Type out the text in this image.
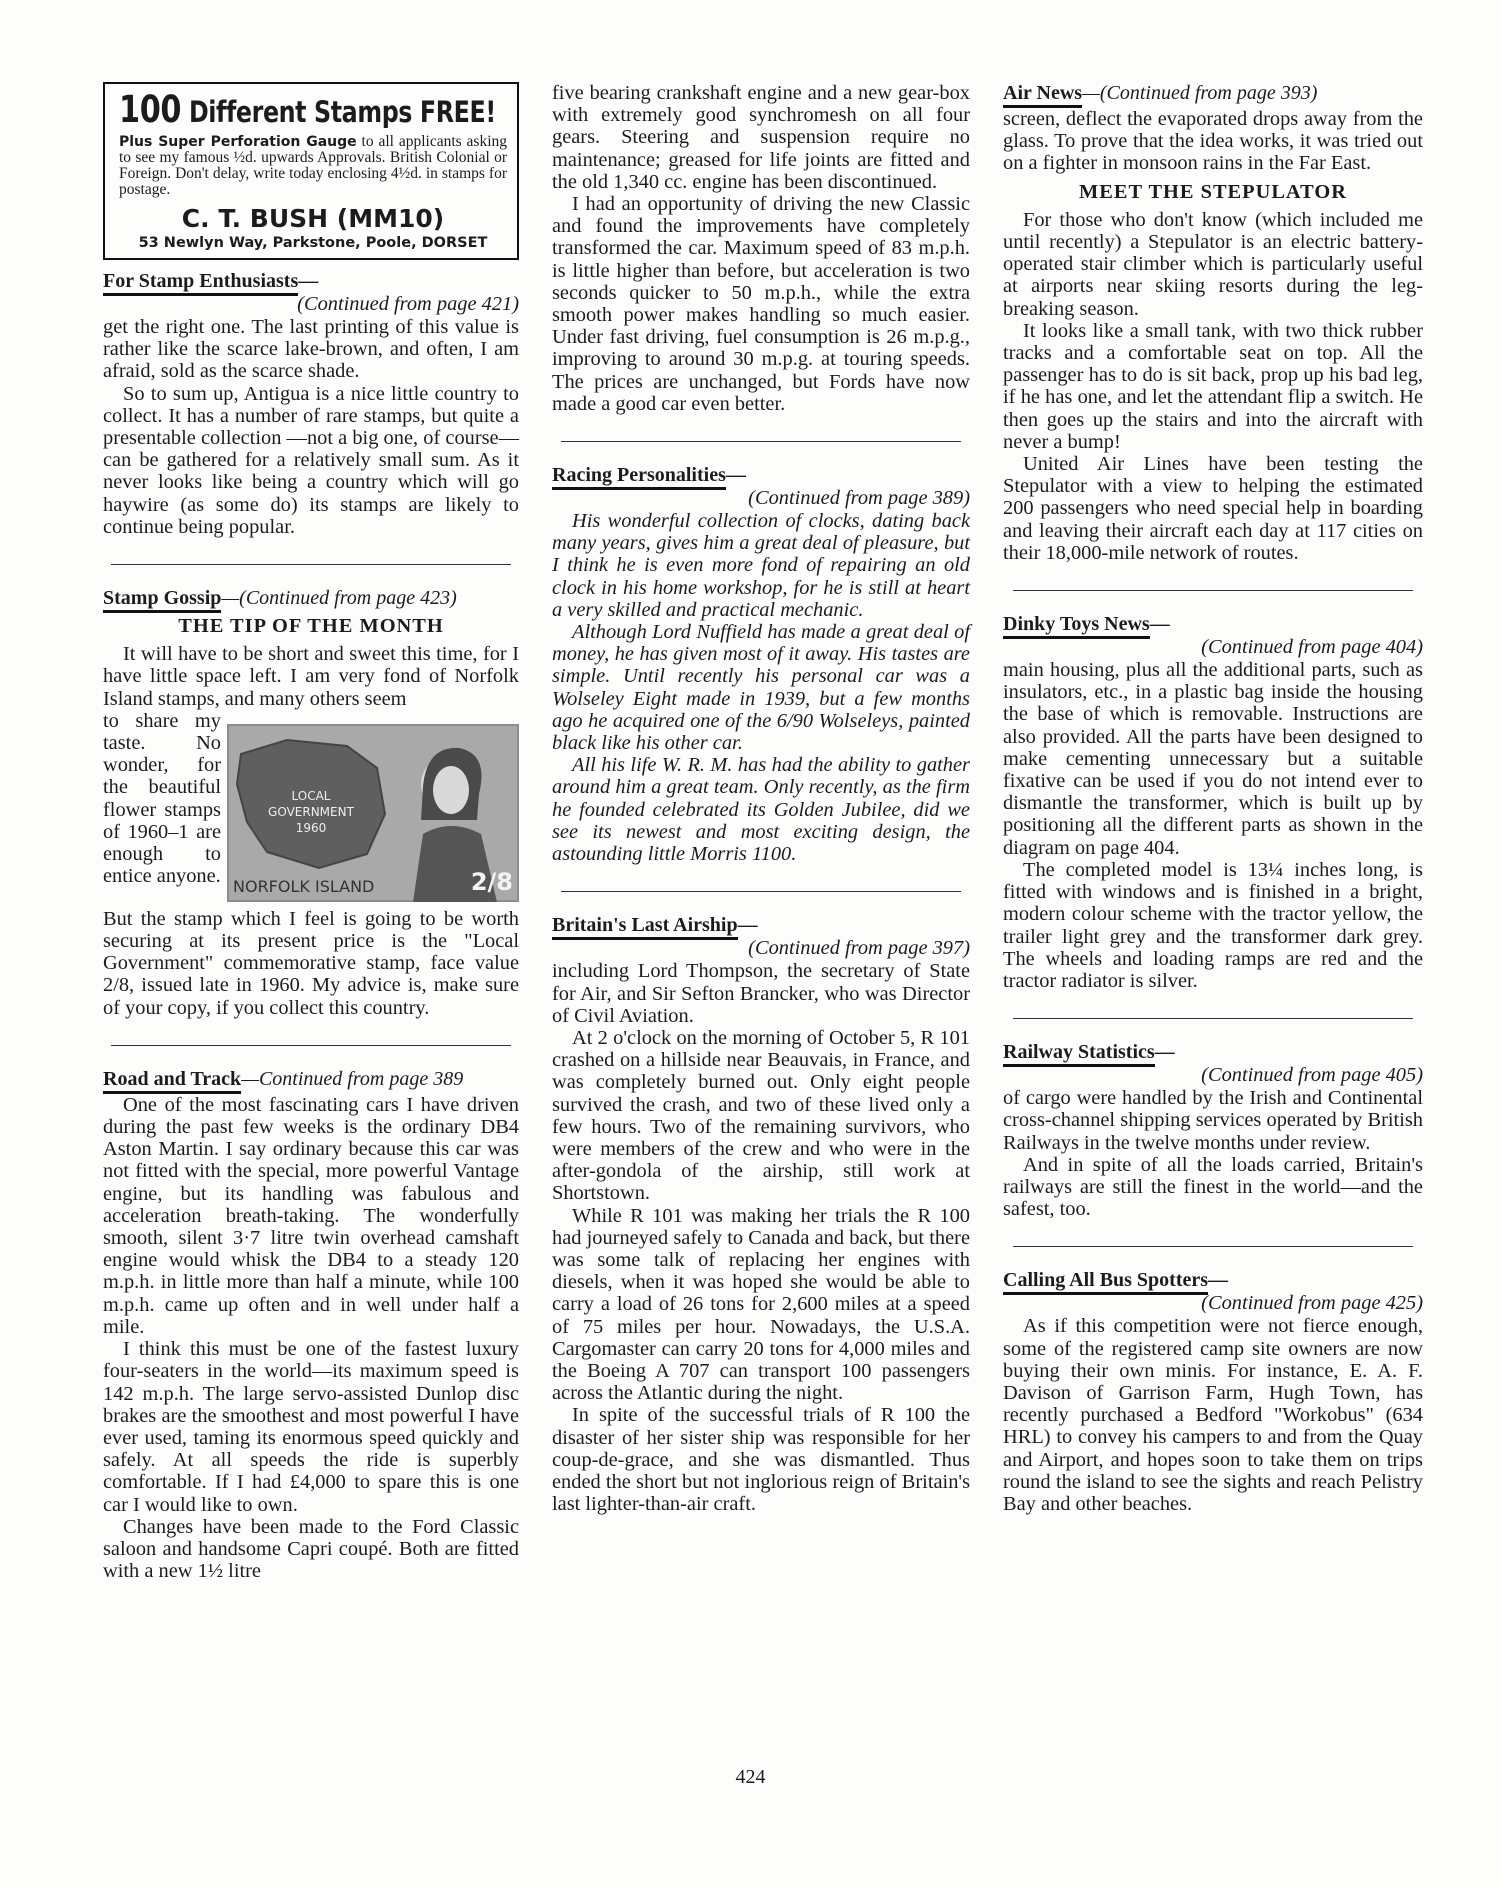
100 Different Stamps FREE!
Plus Super Perforation Gauge to all applicants asking to see my famous ½d. upwards Approvals. British Colonial or Foreign. Don't delay, write today enclosing 4½d. in stamps for postage.
C. T. BUSH (MM10)
53 Newlyn Way, Parkstone, Poole, DORSET
For Stamp Enthusiasts—
(Continued from page 421)

get the right one. The last printing of this value is rather like the scarce lake-brown, and often, I am afraid, sold as the scarce shade.

So to sum up, Antigua is a nice little country to collect. It has a number of rare stamps, but quite a presentable collection —not a big one, of course—can be gathered for a relatively small sum. As it never looks like being a country which will go haywire (as some do) its stamps are likely to continue being popular.

Stamp Gossip—(Continued from page 423)
THE TIP OF THE MONTH

It will have to be short and sweet this time, for I have little space left. I am very fond of Norfolk Island stamps, and many others seem

LOCAL
GOVERNMENT
1960
NORFOLK ISLAND	2/8

to share my taste. No wonder, for the beautiful flower stamps of 1960–1 are enough to entice anyone.

But the stamp which I feel is going to be worth securing at its present price is the "Local Government" commemorative stamp, face value 2/8, issued late in 1960. My advice is, make sure of your copy, if you collect this country.

Road and Track—Continued from page 389

One of the most fascinating cars I have driven during the past few weeks is the ordinary DB4 Aston Martin. I say ordinary because this car was not fitted with the special, more powerful Vantage engine, but its handling was fabulous and acceleration breath-taking. The wonderfully smooth, silent 3·7 litre twin overhead camshaft engine would whisk the DB4 to a steady 120 m.p.h. in little more than half a minute, while 100 m.p.h. came up often and in well under half a mile.

I think this must be one of the fastest luxury four-seaters in the world—its maximum speed is 142 m.p.h. The large servo-assisted Dunlop disc brakes are the smoothest and most powerful I have ever used, taming its enormous speed quickly and safely. At all speeds the ride is superbly comfortable. If I had £4,000 to spare this is one car I would like to own.

Changes have been made to the Ford Classic saloon and handsome Capri coupé. Both are fitted with a new 1½ litre

five bearing crankshaft engine and a new gear-box with extremely good synchromesh on all four gears. Steering and suspension require no maintenance; greased for life joints are fitted and the old 1,340 cc. engine has been discontinued.

I had an opportunity of driving the new Classic and found the improvements have completely transformed the car. Maximum speed of 83 m.p.h. is little higher than before, but acceleration is two seconds quicker to 50 m.p.h., while the extra smooth power makes handling so much easier. Under fast driving, fuel consumption is 26 m.p.g., improving to around 30 m.p.g. at touring speeds. The prices are unchanged, but Fords have now made a good car even better.

Racing Personalities—
(Continued from page 389)

His wonderful collection of clocks, dating back many years, gives him a great deal of pleasure, but I think he is even more fond of repairing an old clock in his home workshop, for he is still at heart a very skilled and practical mechanic.

Although Lord Nuffield has made a great deal of money, he has given most of it away. His tastes are simple. Until recently his personal car was a Wolseley Eight made in 1939, but a few months ago he acquired one of the 6/90 Wolseleys, painted black like his other car.

All his life W. R. M. has had the ability to gather around him a great team. Only recently, as the firm he founded celebrated its Golden Jubilee, did we see its newest and most exciting design, the astounding little Morris 1100.

Britain's Last Airship—
(Continued from page 397)

including Lord Thompson, the secretary of State for Air, and Sir Sefton Brancker, who was Director of Civil Aviation.

At 2 o'clock on the morning of October 5, R 101 crashed on a hillside near Beauvais, in France, and was completely burned out. Only eight people survived the crash, and two of these lived only a few hours. Two of the remaining survivors, who were members of the crew and who were in the after-gondola of the airship, still work at Shortstown.

While R 101 was making her trials the R 100 had journeyed safely to Canada and back, but there was some talk of replacing her engines with diesels, when it was hoped she would be able to carry a load of 26 tons for 2,600 miles at a speed of 75 miles per hour. Nowadays, the U.S.A. Cargomaster can carry 20 tons for 4,000 miles and the Boeing A 707 can transport 100 passengers across the Atlantic during the night.

In spite of the successful trials of R 100 the disaster of her sister ship was responsible for her coup-de-grace, and she was dismantled. Thus ended the short but not inglorious reign of Britain's last lighter-than-air craft.

Air News—(Continued from page 393)

screen, deflect the evaporated drops away from the glass. To prove that the idea works, it was tried out on a fighter in monsoon rains in the Far East.

MEET THE STEPULATOR

For those who don't know (which included me until recently) a Stepulator is an electric battery-operated stair climber which is particularly useful at airports near skiing resorts during the leg-breaking season.

It looks like a small tank, with two thick rubber tracks and a comfortable seat on top. All the passenger has to do is sit back, prop up his bad leg, if he has one, and let the attendant flip a switch. He then goes up the stairs and into the aircraft with never a bump!

United Air Lines have been testing the Stepulator with a view to helping the estimated 200 passengers who need special help in boarding and leaving their aircraft each day at 117 cities on their 18,000-mile network of routes.

Dinky Toys News—
(Continued from page 404)

main housing, plus all the additional parts, such as insulators, etc., in a plastic bag inside the housing the base of which is removable. Instructions are also provided. All the parts have been designed to make cementing unnecessary but a suitable fixative can be used if you do not intend ever to dismantle the transformer, which is built up by positioning all the different parts as shown in the diagram on page 404.

The completed model is 13¼ inches long, is fitted with windows and is finished in a bright, modern colour scheme with the tractor yellow, the trailer light grey and the transformer dark grey. The wheels and loading ramps are red and the tractor radiator is silver.

Railway Statistics—
(Continued from page 405)

of cargo were handled by the Irish and Continental cross-channel shipping services operated by British Railways in the twelve months under review.

And in spite of all the loads carried, Britain's railways are still the finest in the world—and the safest, too.

Calling All Bus Spotters—
(Continued from page 425)

As if this competition were not fierce enough, some of the registered camp site owners are now buying their own minis. For instance, E. A. F. Davison of Garrison Farm, Hugh Town, has recently purchased a Bedford "Workobus" (634 HRL) to convey his campers to and from the Quay and Airport, and hopes soon to take them on trips round the island to see the sights and reach Pelistry Bay and other beaches.

424
